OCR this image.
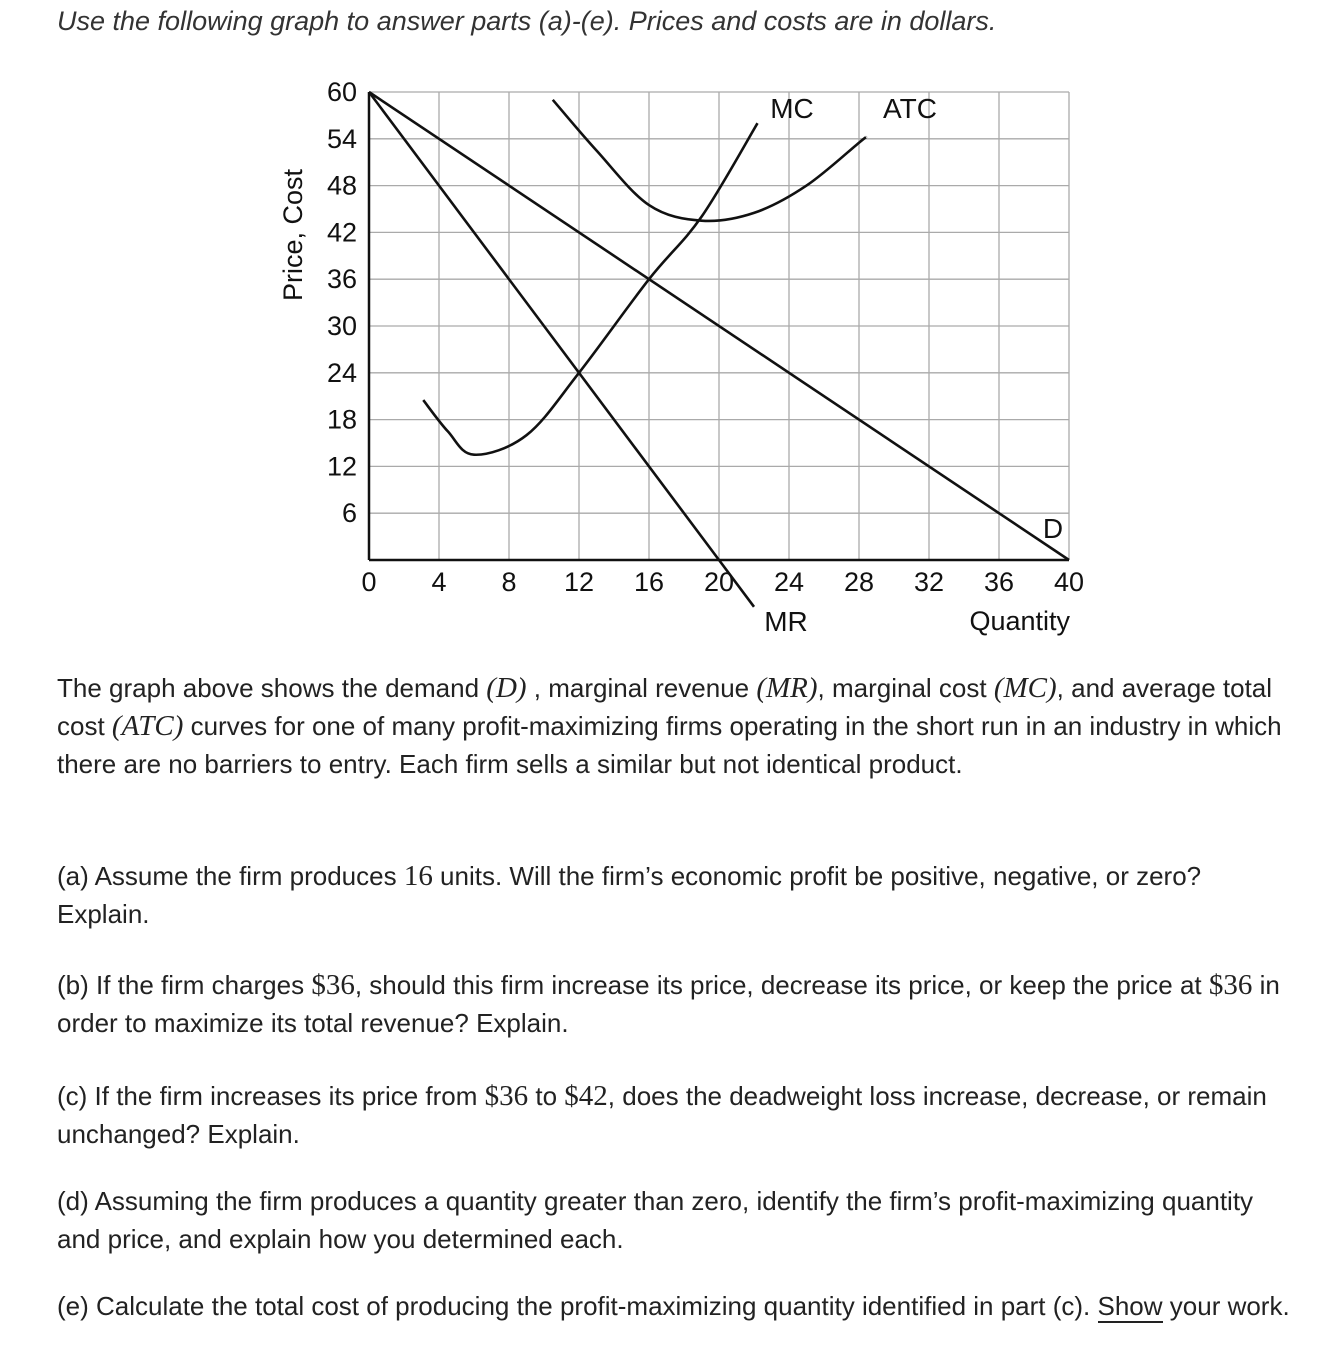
Use the following graph to answer parts (a)-(e). Prices and costs are in dollars.

Price, Cost
Quantity
0 4 8 12 16 20 24 28 32 36 40
6
12
18
24
30
36
42
48
54
60
D
MR
MC ATC

The graph above shows the demand (D) , marginal revenue (MR), marginal cost (MC), and average total cost (ATC) curves for one of many profit-maximizing firms operating in the short run in an industry in which there are no barriers to entry. Each firm sells a similar but not identical product.

(a) Assume the firm produces 16 units. Will the firm’s economic profit be positive, negative, or zero? Explain.

(b) If the firm charges $36, should this firm increase its price, decrease its price, or keep the price at $36 in order to maximize its total revenue? Explain.

(c) If the firm increases its price from $36 to $42, does the deadweight loss increase, decrease, or remain unchanged? Explain.

(d) Assuming the firm produces a quantity greater than zero, identify the firm’s profit-maximizing quantity and price, and explain how you determined each.

(e) Calculate the total cost of producing the profit-maximizing quantity identified in part (c). Show your work.
